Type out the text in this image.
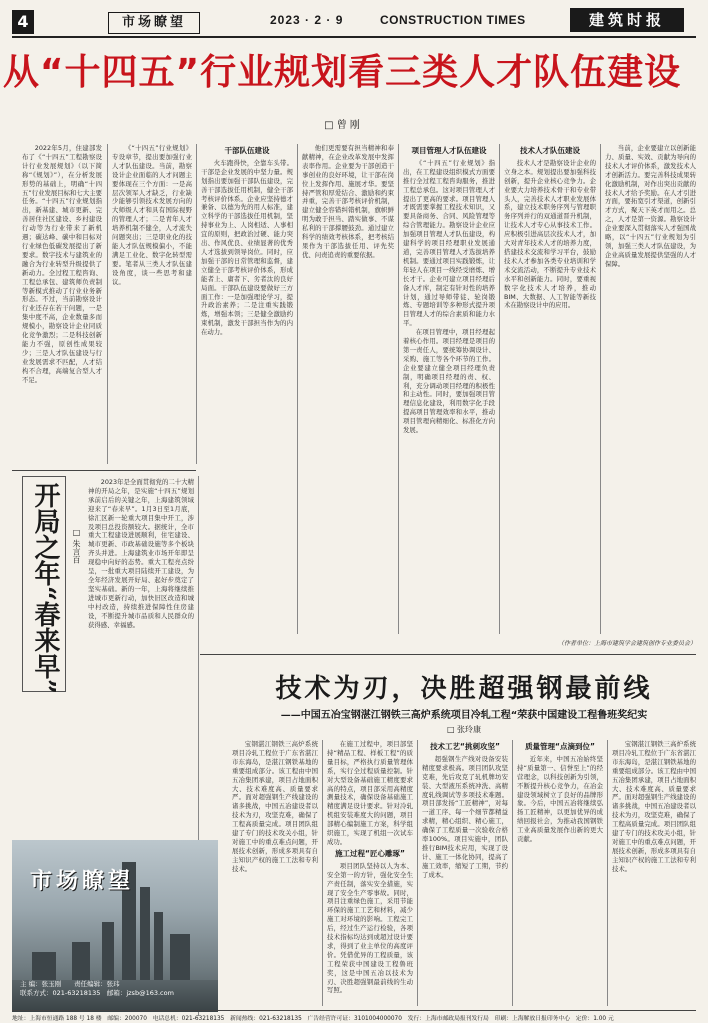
4	市场瞭望	2023 · 2 · 9	CONSTRUCTION TIMES	建筑时报
从“十四五”行业规划看三类人才队伍建设
□ 曾 刚

2022年5月，住建部发布了《“十四五”工程勘察设计行业发展规划》（以下简称“《规划》”），在分析发展形势的基础上，明确“十四五”行业发展目标和七大主要任务。“十四五”行业规划指出，新基建、城市更新、完善居住社区建设、乡村建设行动等为行业带来了新机遇；碳达峰、碳中和目标对行业绿色低碳发展提出了新要求。数字技术与建筑业的融合为行业转型升级提供了新动力。全过程工程咨询、工程总承包、建筑师负责制等新模式推动了行业业务新形态。不过，当前勘察设计行业还存在若干问题，一是集中度不高，企业数量多而规模小，勘察设计企业同质化竞争激烈；二是科技创新能力不强，原创性成果较少；三是人才队伍建设与行业发展需求不匹配，人才结构不合理，高端复合型人才不足。

《“十四五”行业规划》专设章节，提出要加强行业人才队伍建设。当前，勘察设计企业面临的人才问题主要体现在三个方面：一是高层次领军人才缺乏，行业缺少能够引领技术发展方向的大师级人才和具有国际视野的管理人才；二是青年人才培养机制不健全，人才流失问题突出；三是职业化的技能人才队伍规模偏小，不能满足工业化、数字化转型需要。笔者从三类人才队伍建设角度，谈一些思考和建议。

干部队伍建设

火车跑得快，全靠车头带。干部是企业发展的中坚力量。规划指出要加强干部队伍建设，完善干部选拔任用机制，健全干部考核评价体系。企业应坚持德才兼备、以德为先的用人标准，建立科学的干部选拔任用机制，坚持事业为上、人岗相适、人事相宜的原则，把政治过硬、能力突出、作风优良、业绩显著的优秀人才选拔到领导岗位。同时，应加强干部的日常管理和监督，建立健全干部考核评价体系，形成能者上、庸者下、劣者汰的良好局面。干部队伍建设要做好三方面工作：一是加强理论学习，提升政治素养；二是注重实践锻炼，增强本领；三是健全激励约束机制，激发干部担当作为的内在动力。

他们更需要有担当精神和奉献精神，在企业改革发展中发挥表率作用。企业要为干部创造干事创业的良好环境，让干部在岗位上发挥作用、施展才华。要坚持严管和厚爱结合、激励和约束并重，完善干部考核评价机制，建立健全容错纠错机制，旗帜鲜明为敢于担当、踏实做事、不谋私利的干部撑腰鼓劲。通过建立科学的绩效考核体系，把考核结果作为干部选拔任用、评先奖优、问责追责的重要依据。

项目管理人才队伍建设

《“十四五”行业规划》指出，在工程建设组织模式方面要推行全过程工程咨询服务，推进工程总承包。这对项目管理人才提出了更高的要求。项目管理人才既需要掌握工程技术知识，又要具备商务、合同、风险管理等综合管理能力。勘察设计企业应加强项目管理人才队伍建设，构建科学的项目经理职业发展通道，完善项目管理人才选拔培养机制。要通过项目实践锻炼，让年轻人在项目一线经受磨炼、增长才干。企业可建立项目经理后备人才库，制定有针对性的培养计划，通过导师带徒、轮岗锻炼、专题培训等多种形式提升项目管理人才的综合素质和能力水平。

在项目管理中，项目经理起着核心作用。项目经理是项目的第一责任人，要统筹协调设计、采购、施工等各个环节的工作。企业要建立健全项目经理负责制，明确项目经理的责、权、利，充分调动项目经理的积极性和主动性。同时，要加强项目管理信息化建设，利用数字化手段提高项目管理效率和水平，推动项目管理向精细化、标准化方向发展。

技术人才队伍建设

技术人才是勘察设计企业的立身之本。规划提出要加强科技创新，提升企业核心竞争力。企业要大力培养技术骨干和专业带头人，完善技术人才职业发展体系，建立技术职务序列与管理职务序列并行的双通道晋升机制，让技术人才专心从事技术工作。应积极引进高层次技术人才，加大对青年技术人才的培养力度，搭建技术交流和学习平台，鼓励技术人才参加各类专业培训和学术交流活动，不断提升专业技术水平和创新能力。同时，要重视数字化技术人才培养，推动BIM、大数据、人工智能等新技术在勘察设计中的应用。

当前，企业要建立以创新能力、质量、实效、贡献为导向的技术人才评价体系，激发技术人才创新活力。要完善科技成果转化激励机制，对作出突出贡献的技术人才给予奖励。在人才引进方面，要拓宽引才渠道，创新引才方式，聚天下英才而用之。总之，人才是第一资源。勘察设计企业要深入贯彻落实人才强国战略，以“十四五”行业规划为引领，加强三类人才队伍建设，为企业高质量发展提供坚强的人才保障。

（作者单位：上海市建筑学会建筑创作专业委员会）
开局之年“春来早” □ 朱言百

2023年是全面贯彻党的二十大精神的开局之年，是实施“十四五”规划承前启后的关键之年，上海建筑领域迎来了“春来早”。1月3日至1月底，徐汇区新一轮重大项目集中开工，涉及项目总投资额较大。据统计，全市重大工程建设进展顺利，住宅建设、城市更新、市政基础设施等多个板块齐头并进。上海建筑业市场开年即呈现稳中向好的态势。重大工程亮点纷呈，一批重大项目陆续开工建设，为全年经济发展开好局、起好步奠定了坚实基础。新的一年，上海将继续推进城市更新行动，加快旧区改造和城中村改造，持续推进保障性住房建设，不断提升城市品质和人民群众的获得感、幸福感。

市场瞭望
主 编：张玉刚　　责任编辑：张玮
联系方式：021-63218135　邮箱：jzsb@163.com
技术为刃，决胜超强钢最前线
——中国五冶宝钢湛江钢铁三高炉系统项目冷轧工程“荣获中国建设工程鲁班奖纪实
□ 张玲康

宝钢湛江钢铁三高炉系统项目冷轧工程位于广东省湛江市东海岛，是湛江钢铁基地的重要组成部分。该工程由中国五冶集团承建，项目占地面积大、技术难度高、质量要求严。面对超强钢生产线建设的诸多挑战，中国五冶建设者以技术为刃，攻坚克难，确保了工程高质量完成。项目团队组建了专门的技术攻关小组，针对施工中的重点难点问题，开展技术创新，形成多项具有自主知识产权的施工工法和专利技术。

在施工过程中，项目部坚持“精品工程、样板工程”的质量目标，严格执行质量管理体系，实行全过程质量控制。针对大型设备基础施工精度要求高的特点，项目部采用高精度测量技术，确保设备基础施工精度满足设计要求。针对冷轧机组安装难度大的问题，项目部精心编制施工方案，科学组织施工，实现了机组一次试车成功。

施工过程“匠心雕琢”

项目团队坚持以人为本、安全第一的方针，强化安全生产责任制，落实安全措施，实现了安全生产零事故。同时，项目注重绿色施工，采用节能环保的施工工艺和材料，减少施工对环境的影响。工程完工后，经过生产运行检验，各项技术指标均达到或超过设计要求，得到了业主单位的高度评价。凭借优异的工程质量，该工程荣获中国建设工程鲁班奖，这是中国五冶以技术为刃、决胜超强钢最前线的生动写照。

技术工艺“挑刺攻坚”

超强钢生产线对设备安装精度要求极高。项目团队攻坚克难，先后攻克了轧机牌坊安装、大型液压系统冲洗、高精度轧线调试等多项技术难题。项目部发扬“工匠精神”，对每一道工序、每一个细节都精益求精，精心组织、精心施工，确保了工程质量一次验收合格率100%。项目实施中，团队推行BIM技术应用，实现了设计、施工一体化协同，提高了施工效率，缩短了工期，节约了成本。

质量管理“点滴到位”

近年来，中国五冶始终坚持“质量第一、信誉至上”的经营理念，以科技创新为引领，不断提升核心竞争力，在冶金建设领域树立了良好的品牌形象。今后，中国五冶将继续弘扬工匠精神，以更加优异的成绩回报社会，为推动我国钢铁工业高质量发展作出新的更大贡献。

宝钢湛江钢铁三高炉系统项目冷轧工程位于广东省湛江市东海岛，是湛江钢铁基地的重要组成部分。该工程由中国五冶集团承建，项目占地面积大、技术难度高、质量要求严。面对超强钢生产线建设的诸多挑战，中国五冶建设者以技术为刃，攻坚克难，确保了工程高质量完成。项目团队组建了专门的技术攻关小组，针对施工中的重点难点问题，开展技术创新，形成多项具有自主知识产权的施工工法和专利技术。

地址：上海市恒通路 188 号 18 楼　邮编：200070　电话总机：021-63218135　新闻热线：021-63218135　广告经营许可证：3101004000070　发行：上海市邮政局报刊发行局　印刷：上海解放日报印务中心　定价：1.00 元
